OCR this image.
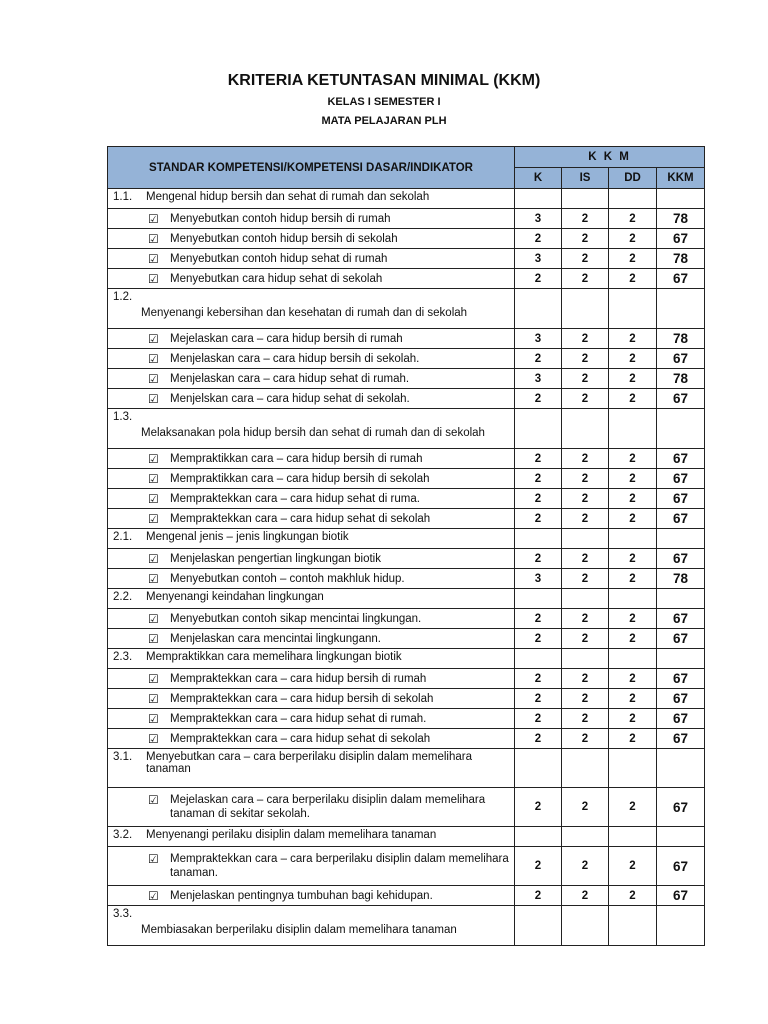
KRITERIA KETUNTASAN MINIMAL (KKM)
KELAS I SEMESTER I
MATA PELAJARAN PLH
STANDAR KOMPETENSI/KOMPETENSI DASAR/INDIKATOR	K K M			
	K	IS	DD	KKM
1.1. Mengenal hidup bersih dan sehat di rumah dan sekolah				

☑ Menyebutkan contoh hidup bersih di rumah	3	2	2	78

☑ Menyebutkan contoh hidup bersih di sekolah	2	2	2	67

☑ Menyebutkan contoh hidup sehat di rumah	3	2	2	78

☑ Menyebutkan cara hidup sehat di sekolah	2	2	2	67

1.2.
Menyenangi kebersihan dan kesehatan di rumah dan di sekolah				

☑ Mejelaskan cara – cara hidup bersih di rumah	3	2	2	78

☑ Menjelaskan cara – cara hidup bersih di sekolah.	2	2	2	67

☑ Menjelaskan cara – cara hidup sehat di rumah.	3	2	2	78

☑ Menjelskan cara – cara hidup sehat di sekolah.	2	2	2	67

1.3.
Melaksanakan pola hidup bersih dan sehat di rumah dan di sekolah				

☑ Mempraktikkan cara – cara hidup bersih di rumah	2	2	2	67

☑ Mempraktikkan cara – cara hidup bersih di sekolah	2	2	2	67

☑ Mempraktekkan cara – cara hidup sehat di ruma.	2	2	2	67

☑ Mempraktekkan cara – cara hidup sehat di sekolah	2	2	2	67
2.1. Mengenal jenis – jenis lingkungan biotik				

☑ Menjelaskan pengertian lingkungan biotik	2	2	2	67

☑ Menyebutkan contoh – contoh makhluk hidup.	3	2	2	78
2.2. Menyenangi keindahan lingkungan				

☑ Menyebutkan contoh sikap mencintai lingkungan.	2	2	2	67

☑ Menjelaskan cara mencintai lingkungann.	2	2	2	67
2.3. Mempraktikkan cara memelihara lingkungan biotik				

☑ Mempraktekkan cara – cara hidup bersih di rumah	2	2	2	67

☑ Mempraktekkan cara – cara hidup bersih di sekolah	2	2	2	67

☑ Mempraktekkan cara – cara hidup sehat di rumah.	2	2	2	67

☑ Mempraktekkan cara – cara hidup sehat di sekolah	2	2	2	67
3.1. Menyebutkan cara – cara berperilaku disiplin dalam memelihara tanaman				

☑ Mejelaskan cara – cara berperilaku disiplin dalam memelihara tanaman di sekitar sekolah.	2	2	2	67
3.2. Menyenangi perilaku disiplin dalam memelihara tanaman				

☑ Mempraktekkan cara – cara berperilaku disiplin dalam memelihara tanaman.	2	2	2	67

☑ Menjelaskan pentingnya tumbuhan bagi kehidupan.	2	2	2	67

3.3.
Membiasakan berperilaku disiplin dalam memelihara tanaman				
